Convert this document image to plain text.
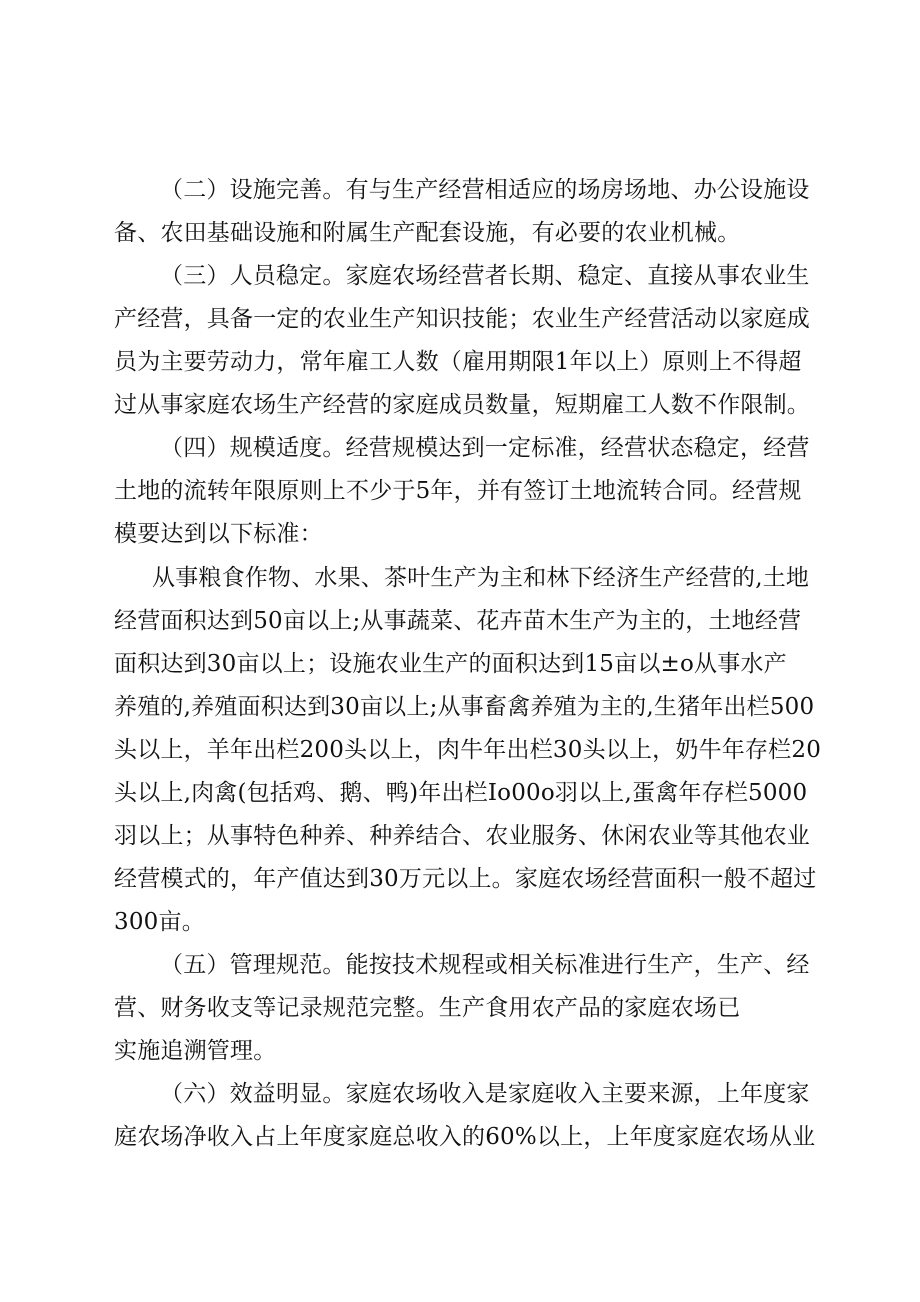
（二）设施完善。有与生产经营相适应的场房场地、办公设施设

备、农田基础设施和附属生产配套设施，有必要的农业机械。

（三）人员稳定。家庭农场经营者长期、稳定、直接从事农业生

产经营，具备一定的农业生产知识技能；农业生产经营活动以家庭成

员为主要劳动力，常年雇工人数（雇用期限1年以上）原则上不得超

过从事家庭农场生产经营的家庭成员数量，短期雇工人数不作限制。

（四）规模适度。经营规模达到一定标准，经营状态稳定，经营

土地的流转年限原则上不少于5年，并有签订土地流转合同。经营规

模要达到以下标准：

从事粮食作物、水果、茶叶生产为主和林下经济生产经营的,土地

经营面积达到50亩以上;从事蔬菜、花卉苗木生产为主的，土地经营

面积达到30亩以上；设施农业生产的面积达到15亩以±o从事水产

养殖的,养殖面积达到30亩以上;从事畜禽养殖为主的,生猪年出栏500

头以上，羊年出栏200头以上，肉牛年出栏30头以上，奶牛年存栏20

头以上,肉禽(包括鸡、鹅、鸭)年出栏Io00o羽以上,蛋禽年存栏5000

羽以上；从事特色种养、种养结合、农业服务、休闲农业等其他农业

经营模式的，年产值达到30万元以上。家庭农场经营面积一般不超过

300亩。

（五）管理规范。能按技术规程或相关标准进行生产，生产、经

营、财务收支等记录规范完整。生产食用农产品的家庭农场已

实施追溯管理。

（六）效益明显。家庭农场收入是家庭收入主要来源，上年度家

庭农场净收入占上年度家庭总收入的60%以上，上年度家庭农场从业
